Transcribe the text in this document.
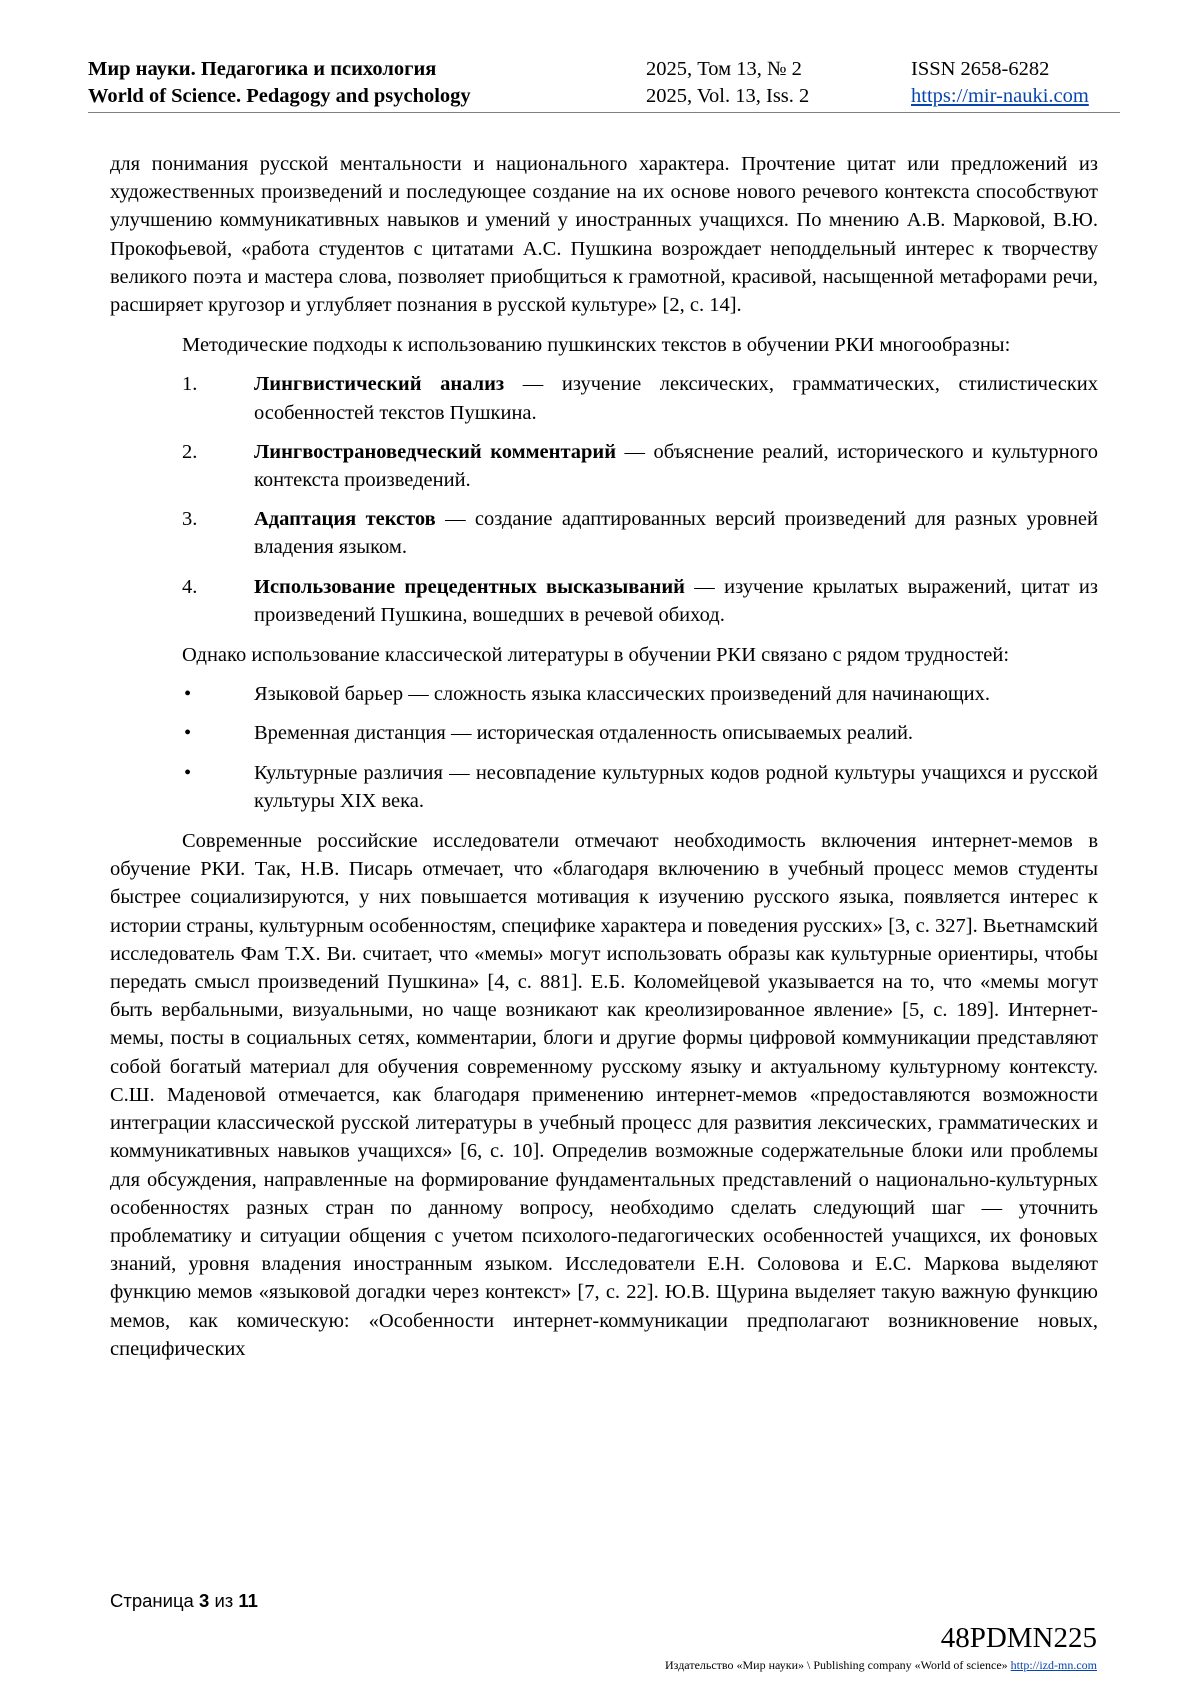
Мир науки. Педагогика и психология
World of Science. Pedagogy and psychology
2025, Том 13, № 2
2025, Vol. 13, Iss. 2
ISSN 2658-6282
https://mir-nauki.com

для понимания русской ментальности и национального характера. Прочтение цитат или предложений из художественных произведений и последующее создание на их основе нового речевого контекста способствуют улучшению коммуникативных навыков и умений у иностранных учащихся. По мнению А.В. Марковой, В.Ю. Прокофьевой, «работа студентов с цитатами А.С. Пушкина возрождает неподдельный интерес к творчеству великого поэта и мастера слова, позволяет приобщиться к грамотной, красивой, насыщенной метафорами речи, расширяет кругозор и углубляет познания в русской культуре» [2, с. 14].

Методические подходы к использованию пушкинских текстов в обучении РКИ многообразны:

1.	Лингвистический анализ — изучение лексических, грамматических, стилистических особенностей текстов Пушкина.
2.	Лингвострановедческий комментарий — объяснение реалий, исторического и культурного контекста произведений.
3.	Адаптация текстов — создание адаптированных версий произведений для разных уровней владения языком.
4.	Использование прецедентных высказываний — изучение крылатых выражений, цитат из произведений Пушкина, вошедших в речевой обиход.

Однако использование классической литературы в обучении РКИ связано с рядом трудностей:

•	Языковой барьер — сложность языка классических произведений для начинающих.
•	Временная дистанция — историческая отдаленность описываемых реалий.
•	Культурные различия — несовпадение культурных кодов родной культуры учащихся и русской культуры XIX века.

Современные российские исследователи отмечают необходимость включения интернет-мемов в обучение РКИ. Так, Н.В. Писарь отмечает, что «благодаря включению в учебный процесс мемов студенты быстрее социализируются, у них повышается мотивация к изучению русского языка, появляется интерес к истории страны, культурным особенностям, специфике характера и поведения русских» [3, с. 327]. Вьетнамский исследователь Фам Т.Х. Ви. считает, что «мемы» могут использовать образы как культурные ориентиры, чтобы передать смысл произведений Пушкина» [4, с. 881]. Е.Б. Коломейцевой указывается на то, что «мемы могут быть вербальными, визуальными, но чаще возникают как креолизированное явление» [5, с. 189]. Интернет-мемы, посты в социальных сетях, комментарии, блоги и другие формы цифровой коммуникации представляют собой богатый материал для обучения современному русскому языку и актуальному культурному контексту. С.Ш. Маденовой отмечается, как благодаря применению интернет-мемов «предоставляются возможности интеграции классической русской литературы в учебный процесс для развития лексических, грамматических и коммуникативных навыков учащихся» [6, с. 10]. Определив возможные содержательные блоки или проблемы для обсуждения, направленные на формирование фундаментальных представлений о национально-культурных особенностях разных стран по данному вопросу, необходимо сделать следующий шаг — уточнить проблематику и ситуации общения с учетом психолого-педагогических особенностей учащихся, их фоновых знаний, уровня владения иностранным языком. Исследователи Е.Н. Соловова и Е.С. Маркова выделяют функцию мемов «языковой догадки через контекст» [7, с. 22]. Ю.В. Щурина выделяет такую важную функцию мемов, как комическую: «Особенности интернет-коммуникации предполагают возникновение новых, специфических

Страница 3 из 11
48PDMN225
Издательство «Мир науки» \ Publishing company «World of science» http://izd-mn.com
